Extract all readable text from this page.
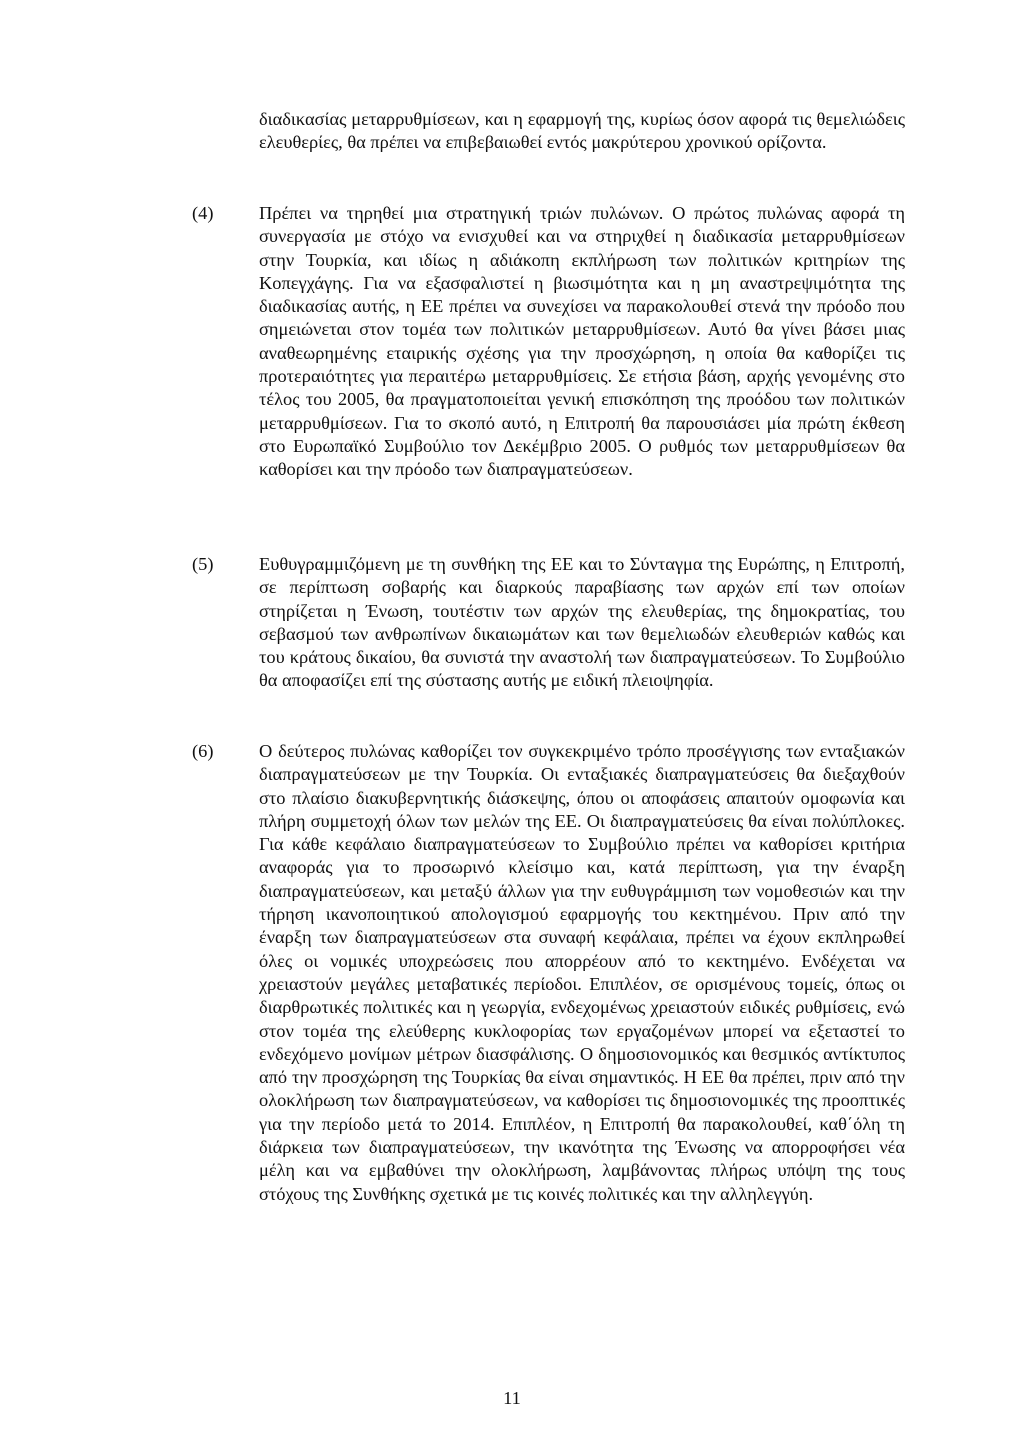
διαδικασίας μεταρρυθμίσεων, και η εφαρμογή της, κυρίως όσον αφορά τις θεμελιώδεις ελευθερίες, θα πρέπει να επιβεβαιωθεί εντός μακρύτερου χρονικού ορίζοντα.

(4) Πρέπει να τηρηθεί μια στρατηγική τριών πυλώνων. Ο πρώτος πυλώνας αφορά τη συνεργασία με στόχο να ενισχυθεί και να στηριχθεί η διαδικασία μεταρρυθμίσεων στην Τουρκία, και ιδίως η αδιάκοπη εκπλήρωση των πολιτικών κριτηρίων της Κοπεγχάγης. Για να εξασφαλιστεί η βιωσιμότητα και η μη αναστρεψιμότητα της διαδικασίας αυτής, η ΕΕ πρέπει να συνεχίσει να παρακολουθεί στενά την πρόοδο που σημειώνεται στον τομέα των πολιτικών μεταρρυθμίσεων. Αυτό θα γίνει βάσει μιας αναθεωρημένης εταιρικής σχέσης για την προσχώρηση, η οποία θα καθορίζει τις προτεραιότητες για περαιτέρω μεταρρυθμίσεις. Σε ετήσια βάση, αρχής γενομένης στο τέλος του 2005, θα πραγματοποιείται γενική επισκόπηση της προόδου των πολιτικών μεταρρυθμίσεων. Για το σκοπό αυτό, η Επιτροπή θα παρουσιάσει μία πρώτη έκθεση στο Ευρωπαϊκό Συμβούλιο τον Δεκέμβριο 2005. Ο ρυθμός των μεταρρυθμίσεων θα καθορίσει και την πρόοδο των διαπραγματεύσεων.

(5) Ευθυγραμμιζόμενη με τη συνθήκη της ΕΕ και το Σύνταγμα της Ευρώπης, η Επιτροπή, σε περίπτωση σοβαρής και διαρκούς παραβίασης των αρχών επί των οποίων στηρίζεται η Ένωση, τουτέστιν των αρχών της ελευθερίας, της δημοκρατίας, του σεβασμού των ανθρωπίνων δικαιωμάτων και των θεμελιωδών ελευθεριών καθώς και του κράτους δικαίου, θα συνιστά την αναστολή των διαπραγματεύσεων. Το Συμβούλιο θα αποφασίζει επί της σύστασης αυτής με ειδική πλειοψηφία.

(6) Ο δεύτερος πυλώνας καθορίζει τον συγκεκριμένο τρόπο προσέγγισης των ενταξιακών διαπραγματεύσεων με την Τουρκία. Οι ενταξιακές διαπραγματεύσεις θα διεξαχθούν στο πλαίσιο διακυβερνητικής διάσκεψης, όπου οι αποφάσεις απαιτούν ομοφωνία και πλήρη συμμετοχή όλων των μελών της ΕΕ. Οι διαπραγματεύσεις θα είναι πολύπλοκες. Για κάθε κεφάλαιο διαπραγματεύσεων το Συμβούλιο πρέπει να καθορίσει κριτήρια αναφοράς για το προσωρινό κλείσιμο και, κατά περίπτωση, για την έναρξη διαπραγματεύσεων, και μεταξύ άλλων για την ευθυγράμμιση των νομοθεσιών και την τήρηση ικανοποιητικού απολογισμού εφαρμογής του κεκτημένου. Πριν από την έναρξη των διαπραγματεύσεων στα συναφή κεφάλαια, πρέπει να έχουν εκπληρωθεί όλες οι νομικές υποχρεώσεις που απορρέουν από το κεκτημένο. Ενδέχεται να χρειαστούν μεγάλες μεταβατικές περίοδοι. Επιπλέον, σε ορισμένους τομείς, όπως οι διαρθρωτικές πολιτικές και η γεωργία, ενδεχομένως χρειαστούν ειδικές ρυθμίσεις, ενώ στον τομέα της ελεύθερης κυκλοφορίας των εργαζομένων μπορεί να εξεταστεί το ενδεχόμενο μονίμων μέτρων διασφάλισης. Ο δημοσιονομικός και θεσμικός αντίκτυπος από την προσχώρηση της Τουρκίας θα είναι σημαντικός. Η ΕΕ θα πρέπει, πριν από την ολοκλήρωση των διαπραγματεύσεων, να καθορίσει τις δημοσιονομικές της προοπτικές για την περίοδο μετά το 2014. Επιπλέον, η Επιτροπή θα παρακολουθεί, καθ΄όλη τη διάρκεια των διαπραγματεύσεων, την ικανότητα της Ένωσης να απορροφήσει νέα μέλη και να εμβαθύνει την ολοκλήρωση, λαμβάνοντας πλήρως υπόψη της τους στόχους της Συνθήκης σχετικά με τις κοινές πολιτικές και την αλληλεγγύη.

11
